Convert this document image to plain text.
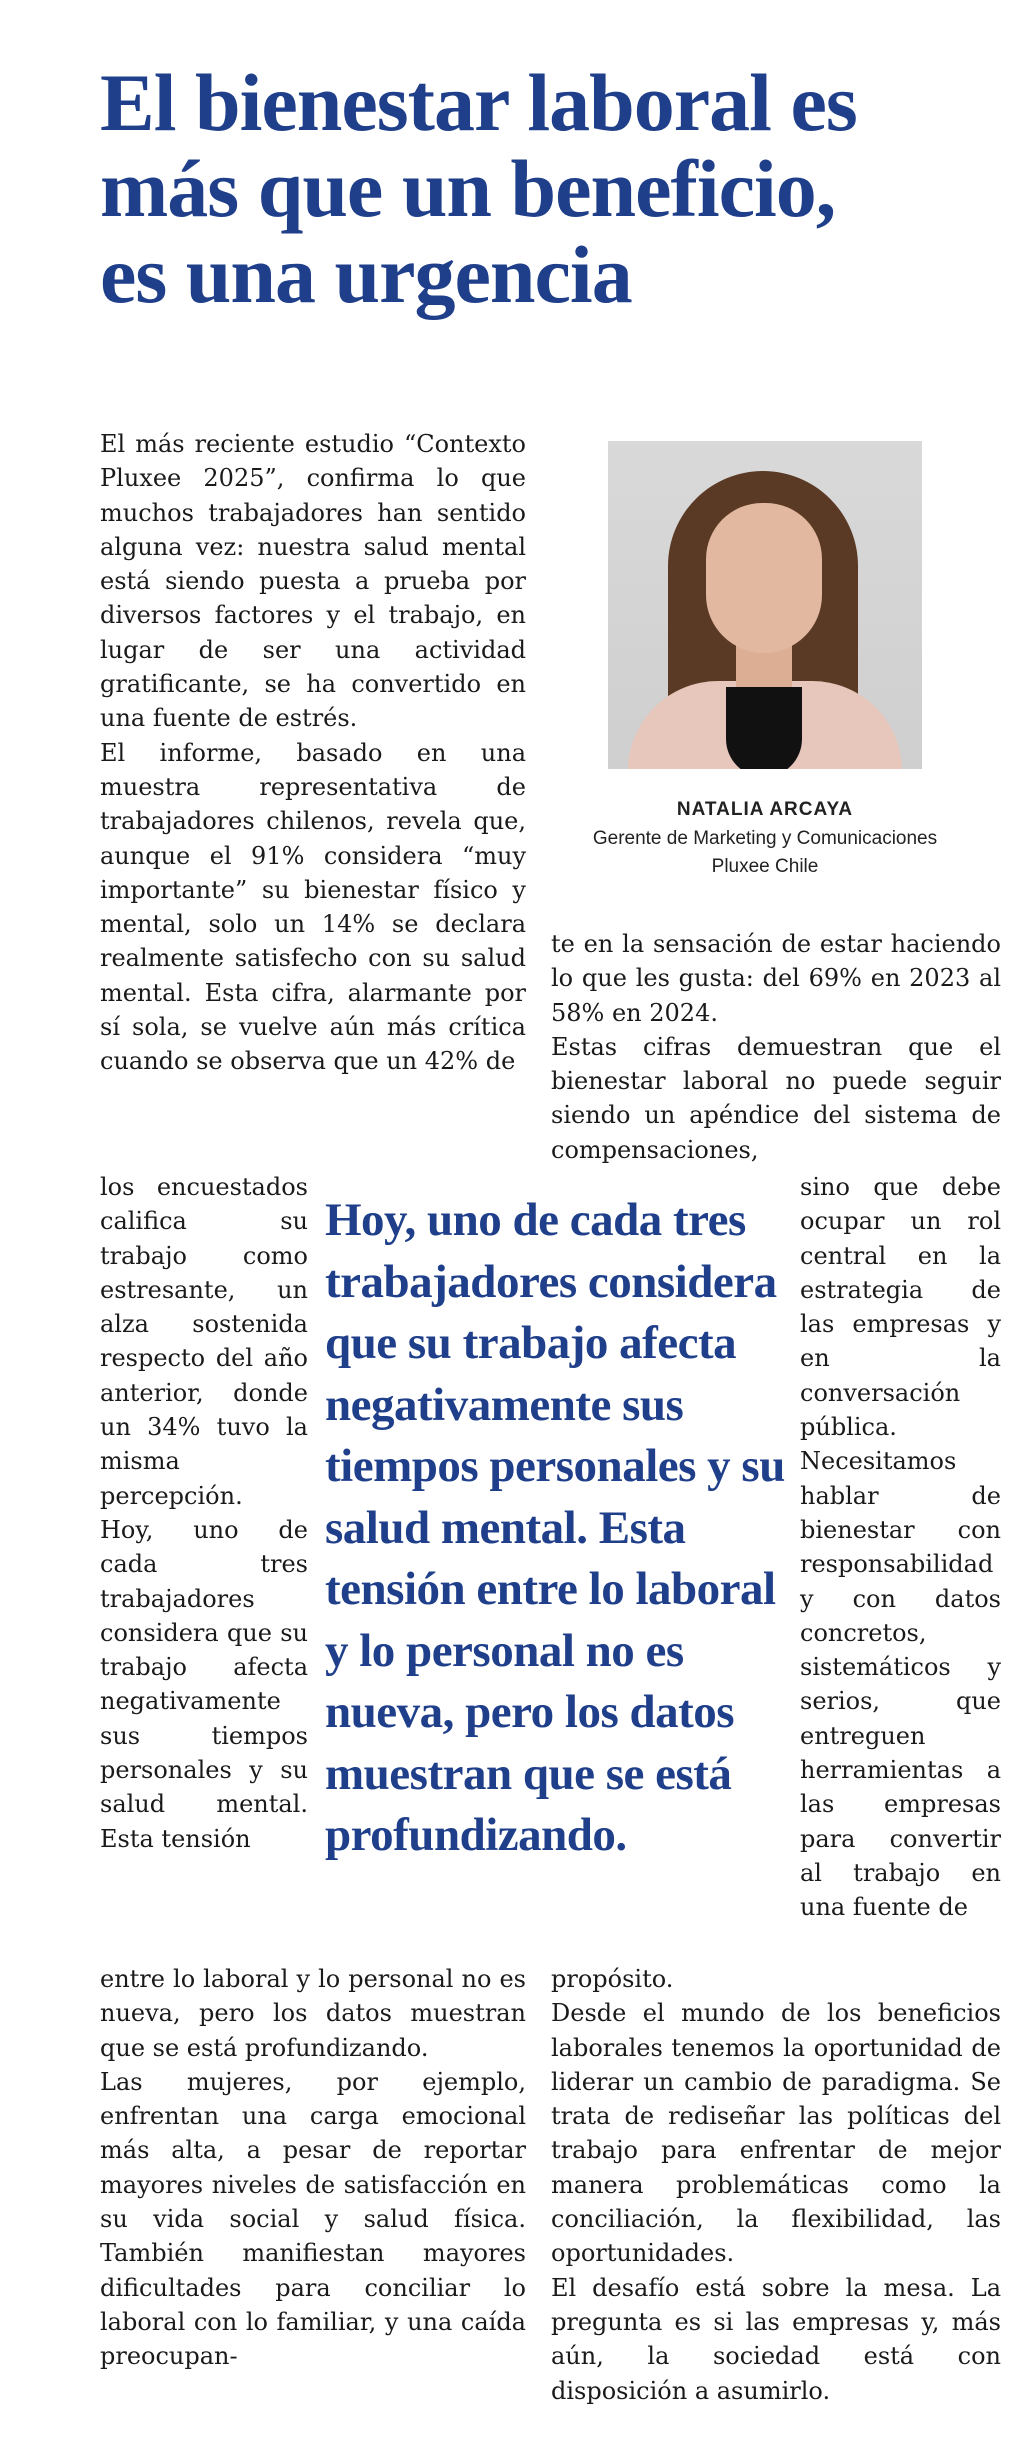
El bienestar laboral es
más que un beneficio,
es una urgencia

El más reciente estudio “Contexto Pluxee 2025”, confirma lo que muchos trabajadores han sentido alguna vez: nuestra salud mental está siendo puesta a prueba por diversos factores y el trabajo, en lugar de ser una actividad gratificante, se ha convertido en una fuente de estrés.

El informe, basado en una muestra representativa de trabajadores chilenos, revela que, aunque el 91% considera “muy importante” su bienestar físico y mental, solo un 14% se declara realmente satisfecho con su salud mental. Esta cifra, alarmante por sí sola, se vuelve aún más crítica cuando se observa que un 42% de

NATALIA ARCAYA
Gerente de Marketing y Comunicaciones
Pluxee Chile

te en la sensación de estar haciendo lo que les gusta: del 69% en 2023 al 58% en 2024.

Estas cifras demuestran que el bienestar laboral no puede seguir siendo un apéndice del sistema de compensaciones,

los encuestados califica su trabajo como estresante, un alza sostenida respecto del año anterior, donde un 34% tuvo la misma percepción.

Hoy, uno de cada tres trabajadores considera que su trabajo afecta negativamente sus tiempos personales y su salud mental. Esta tensión

Hoy, uno de cada tres trabajadores considera que su trabajo afecta negativamente sus tiempos personales y su salud mental. Esta tensión entre lo laboral y lo personal no es nueva, pero los datos muestran que se está profundizando.

sino que debe ocupar un rol central en la estrategia de las empresas y en la conversación pública.

Necesitamos hablar de bienestar con responsabilidad y con datos concretos, sistemáticos y serios, que entreguen herramientas a las empresas para convertir al trabajo en una fuente de

entre lo laboral y lo personal no es nueva, pero los datos muestran que se está profundizando.

Las mujeres, por ejemplo, enfrentan una carga emocional más alta, a pesar de reportar mayores niveles de satisfacción en su vida social y salud física. También manifiestan mayores dificultades para conciliar lo laboral con lo familiar, y una caída preocupan-

propósito.

Desde el mundo de los beneficios laborales tenemos la oportunidad de liderar un cambio de paradigma. Se trata de rediseñar las políticas del trabajo para enfrentar de mejor manera problemáticas como la conciliación, la flexibilidad, las oportunidades.

El desafío está sobre la mesa. La pregunta es si las empresas y, más aún, la sociedad está con disposición a asumirlo.
